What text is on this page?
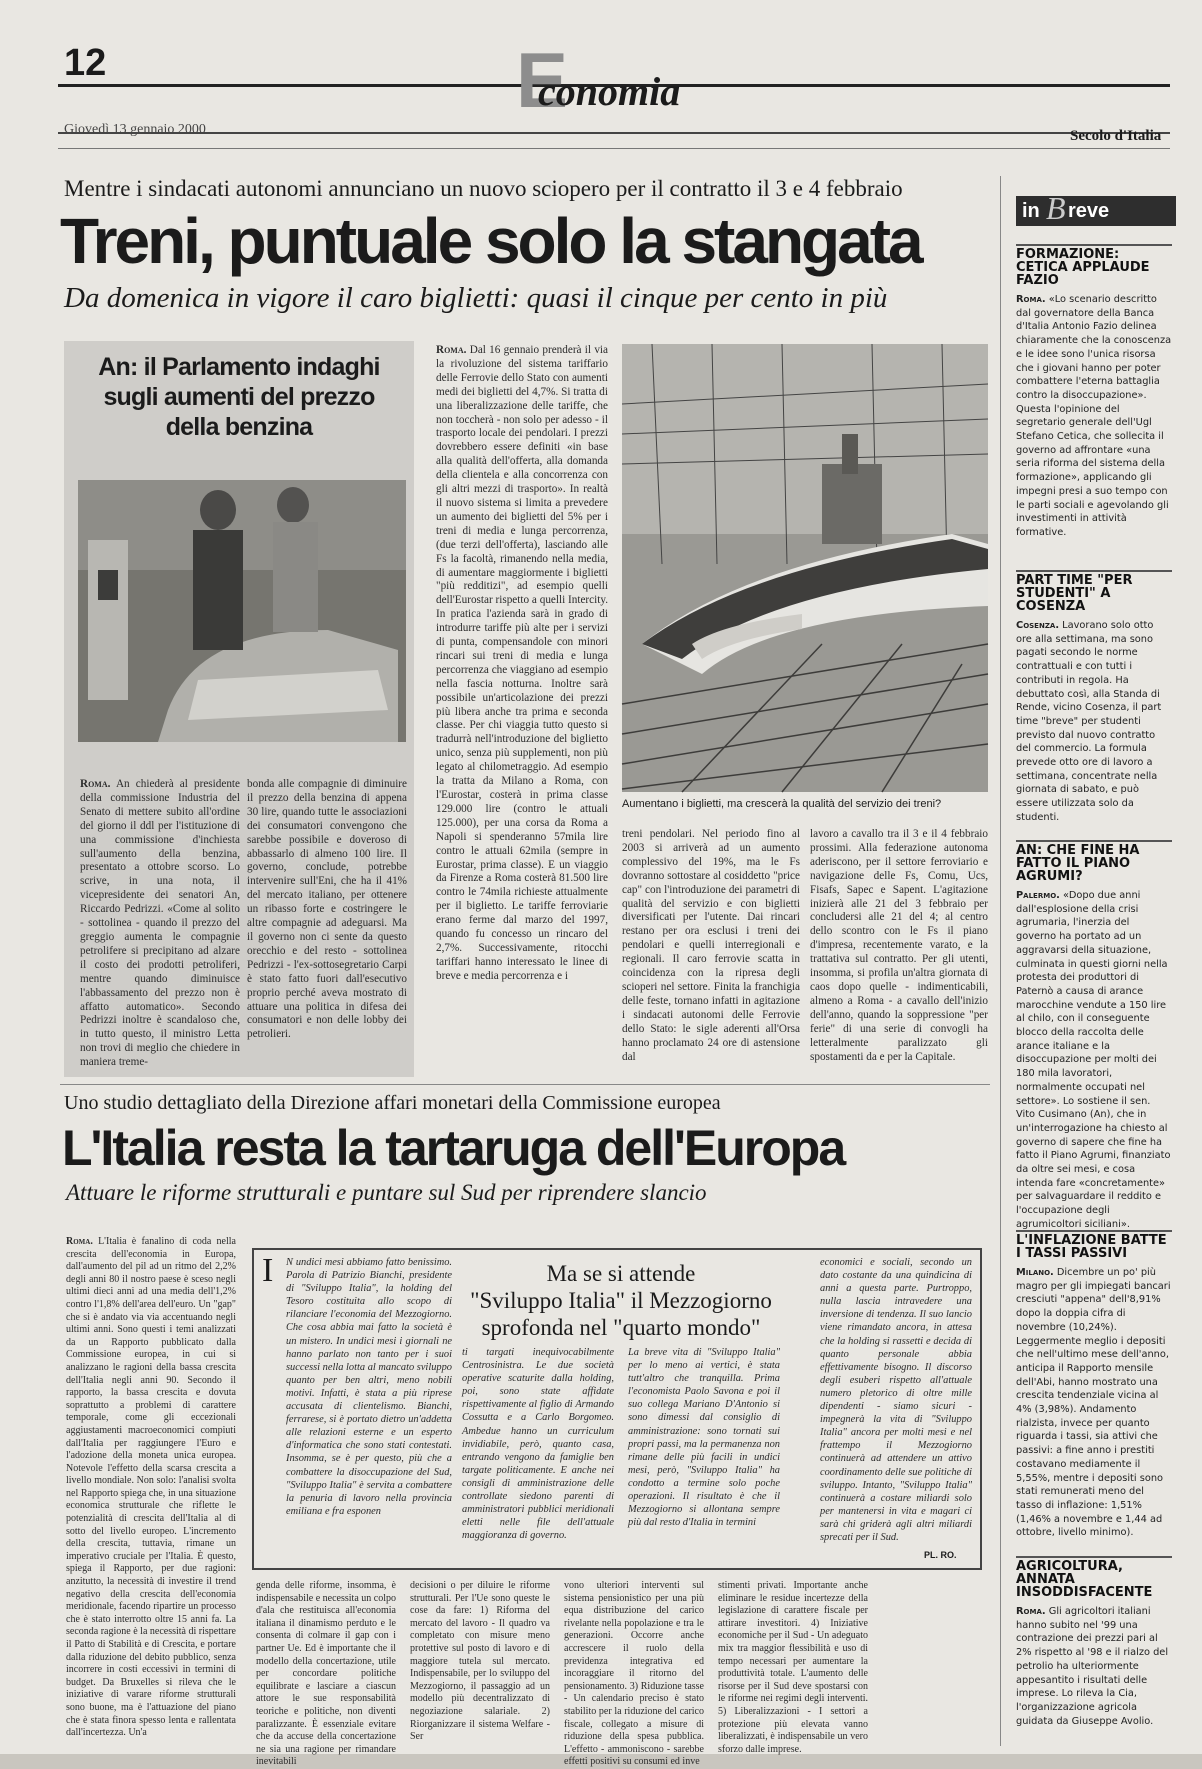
12	Economia
Giovedì 13 gennaio 2000	Secolo d'Italia
Mentre i sindacati autonomi annunciano un nuovo sciopero per il contratto il 3 e 4 febbraio
Treni, puntuale solo la stangata
Da domenica in vigore il caro biglietti: quasi il cinque per cento in più
An: il Parlamento indaghi sugli aumenti del prezzo della benzina

Roma. An chiederà al presidente della commissione Industria del Senato di mettere subito all'ordine del giorno il ddl per l'istituzione di una commissione d'inchiesta sull'aumento della benzina, presentato a ottobre scorso. Lo scrive, in una nota, il vicepresidente dei senatori An, Riccardo Pedrizzi. «Come al solito - sottolinea - quando il prezzo del greggio aumenta le compagnie petrolifere si precipitano ad alzare il costo dei prodotti petroliferi, mentre quando diminuisce l'abbassamento del prezzo non è affatto automatico». Secondo Pedrizzi inoltre è scandaloso che, in tutto questo, il ministro Letta non trovi di meglio che chiedere in maniera treme-

bonda alle compagnie di diminuire il prezzo della benzina di appena 30 lire, quando tutte le associazioni dei consumatori convengono che sarebbe possibile e doveroso di abbassarlo di almeno 100 lire. Il governo, conclude, potrebbe intervenire sull'Eni, che ha il 41% del mercato italiano, per ottenere un ribasso forte e costringere le altre compagnie ad adeguarsi. Ma il governo non ci sente da questo orecchio e del resto - sottolinea Pedrizzi - l'ex-sottosegretario Carpi è stato fatto fuori dall'esecutivo proprio perché aveva mostrato di attuare una politica in difesa dei consumatori e non delle lobby dei petrolieri.

Roma. Dal 16 gennaio prenderà il via la rivoluzione del sistema tariffario delle Ferrovie dello Stato con aumenti medi dei biglietti del 4,7%. Si tratta di una liberalizzazione delle tariffe, che non toccherà - non solo per adesso - il trasporto locale dei pendolari. I prezzi dovrebbero essere definiti «in base alla qualità dell'offerta, alla domanda della clientela e alla concorrenza con gli altri mezzi di trasporto». In realtà il nuovo sistema si limita a prevedere un aumento dei biglietti del 5% per i treni di media e lunga percorrenza, (due terzi dell'offerta), lasciando alle Fs la facoltà, rimanendo nella media, di aumentare maggiormente i biglietti "più redditizi", ad esempio quelli dell'Eurostar rispetto a quelli Intercity. In pratica l'azienda sarà in grado di introdurre tariffe più alte per i servizi di punta, compensandole con minori rincari sui treni di media e lunga percorrenza che viaggiano ad esempio nella fascia notturna. Inoltre sarà possibile un'articolazione dei prezzi più libera anche tra prima e seconda classe. Per chi viaggia tutto questo si tradurrà nell'introduzione del biglietto unico, senza più supplementi, non più legato al chilometraggio. Ad esempio la tratta da Milano a Roma, con l'Eurostar, costerà in prima classe 129.000 lire (contro le attuali 125.000), per una corsa da Roma a Napoli si spenderanno 57mila lire contro le attuali 62mila (sempre in Eurostar, prima classe). E un viaggio da Firenze a Roma costerà 81.500 lire contro le 74mila richieste attualmente per il biglietto. Le tariffe ferroviarie erano ferme dal marzo del 1997, quando fu concesso un rincaro del 2,7%. Successivamente, ritocchi tariffari hanno interessato le linee di breve e media percorrenza e i

Aumentano i biglietti, ma crescerà la qualità del servizio dei treni?

treni pendolari. Nel periodo fino al 2003 si arriverà ad un aumento complessivo del 19%, ma le Fs dovranno sottostare al cosiddetto "price cap" con l'introduzione dei parametri di qualità del servizio e con biglietti diversificati per l'utente. Dai rincari restano per ora esclusi i treni dei pendolari e quelli interregionali e regionali. Il caro ferrovie scatta in coincidenza con la ripresa degli scioperi nel settore. Finita la franchigia delle feste, tornano infatti in agitazione i sindacati autonomi delle Ferrovie dello Stato: le sigle aderenti all'Orsa hanno proclamato 24 ore di astensione dal

lavoro a cavallo tra il 3 e il 4 febbraio prossimi. Alla federazione autonoma aderiscono, per il settore ferroviario e navigazione delle Fs, Comu, Ucs, Fisafs, Sapec e Sapent. L'agitazione inizierà alle 21 del 3 febbraio per concludersi alle 21 del 4; al centro dello scontro con le Fs il piano d'impresa, recentemente varato, e la trattativa sul contratto. Per gli utenti, insomma, si profila un'altra giornata di caos dopo quelle - indimenticabili, almeno a Roma - a cavallo dell'inizio dell'anno, quando la soppressione "per ferie" di una serie di convogli ha letteralmente paralizzato gli spostamenti da e per la Capitale.

Uno studio dettagliato della Direzione affari monetari della Commissione europea
L'Italia resta la tartaruga dell'Europa
Attuare le riforme strutturali e puntare sul Sud per riprendere slancio

Roma. L'Italia è fanalino di coda nella crescita dell'economia in Europa, dall'aumento del pil ad un ritmo del 2,2% degli anni 80 il nostro paese è sceso negli ultimi dieci anni ad una media dell'1,2% contro l'1,8% dell'area dell'euro. Un "gap" che si è andato via via accentuando negli ultimi anni. Sono questi i temi analizzati da un Rapporto pubblicato dalla Commissione europea, in cui si analizzano le ragioni della bassa crescita dell'Italia negli anni 90. Secondo il rapporto, la bassa crescita e dovuta soprattutto a problemi di carattere temporale, come gli eccezionali aggiustamenti macroeconomici compiuti dall'Italia per raggiungere l'Euro e l'adozione della moneta unica europea. Notevole l'effetto della scarsa crescita a livello mondiale. Non solo: l'analisi svolta nel Rapporto spiega che, in una situazione economica strutturale che riflette le potenzialità di crescita dell'Italia al di sotto del livello europeo. L'incremento della crescita, tuttavia, rimane un imperativo cruciale per l'Italia. È questo, spiega il Rapporto, per due ragioni: anzitutto, la necessità di investire il trend negativo della crescita dell'economia meridionale, facendo ripartire un processo che è stato interrotto oltre 15 anni fa. La seconda ragione è la necessità di rispettare il Patto di Stabilità e di Crescita, e portare dalla riduzione del debito pubblico, senza incorrere in costi eccessivi in termini di budget. Da Bruxelles si rileva che le iniziative di varare riforme strutturali sono buone, ma è l'attuazione del piano che è stata finora spesso lenta e rallentata dall'incertezza. Un'a

I	Ma se si attende
"Sviluppo Italia" il Mezzogiorno
sprofonda nel "quarto mondo"

N undici mesi abbiamo fatto benissimo. Parola di Patrizio Bianchi, presidente di "Sviluppo Italia", la holding del Tesoro costituita allo scopo di rilanciare l'economia del Mezzogiorno. Che cosa abbia mai fatto la società è un mistero. In undici mesi i giornali ne hanno parlato non tanto per i suoi successi nella lotta al mancato sviluppo quanto per ben altri, meno nobili motivi. Infatti, è stata a più riprese accusata di clientelismo. Bianchi, ferrarese, si è portato dietro un'addetta alle relazioni esterne e un esperto d'informatica che sono stati contestati. Insomma, se è per questo, più che a combattere la disoccupazione del Sud, "Sviluppo Italia" è servita a combattere la penuria di lavoro nella provincia emiliana e fra esponen

ti targati inequivocabilmente Centrosinistra. Le due società operative scaturite dalla holding, poi, sono state affidate rispettivamente al figlio di Armando Cossutta e a Carlo Borgomeo. Ambedue hanno un curriculum invidiabile, però, quanto casa, entrando vengono da famiglie ben targate politicamente. E anche nei consigli di amministrazione delle controllate siedono parenti di amministratori pubblici meridionali eletti nelle file dell'attuale maggioranza di governo.

La breve vita di "Sviluppo Italia" per lo meno ai vertici, è stata tutt'altro che tranquilla. Prima l'economista Paolo Savona e poi il suo collega Mariano D'Antonio si sono dimessi dal consiglio di amministrazione: sono tornati sui propri passi, ma la permanenza non rimane delle più facili in undici mesi, però, "Sviluppo Italia" ha condotto a termine solo poche operazioni. Il risultato è che il Mezzogiorno si allontana sempre più dal resto d'Italia in termini

economici e sociali, secondo un dato costante da una quindicina di anni a questa parte. Purtroppo, nulla lascia intravedere una inversione di tendenza. Il suo lancio viene rimandato ancora, in attesa che la holding si rassetti e decida di quanto personale abbia effettivamente bisogno. Il discorso degli esuberi rispetto all'attuale numero pletorico di oltre mille dipendenti - siamo sicuri - impegnerà la vita di "Sviluppo Italia" ancora per molti mesi e nel frattempo il Mezzogiorno continuerà ad attendere un attivo coordinamento delle sue politiche di sviluppo. Intanto, "Sviluppo Italia" continuerà a costare miliardi solo per mantenersi in vita e magari ci sarà chi griderà agli altri miliardi sprecati per il Sud.

PL. RO.

genda delle riforme, insomma, è indispensabile e necessita un colpo d'ala che restituisca all'economia italiana il dinamismo perduto e le consenta di colmare il gap con i partner Ue. Ed è importante che il modello della concertazione, utile per concordare politiche equilibrate e lasciare a ciascun attore le sue responsabilità teoriche e politiche, non diventi paralizzante. È essenziale evitare che da accuse della concertazione ne sia una ragione per rimandare inevitabili

decisioni o per diluire le riforme strutturali. Per l'Ue sono queste le cose da fare: 1) Riforma del mercato del lavoro - Il quadro va completato con misure meno protettive sul posto di lavoro e di maggiore tutela sul mercato. Indispensabile, per lo sviluppo del Mezzogiorno, il passaggio ad un modello più decentralizzato di negoziazione salariale. 2) Riorganizzare il sistema Welfare - Ser

vono ulteriori interventi sul sistema pensionistico per una più equa distribuzione del carico rivelante nella popolazione e tra le generazioni. Occorre anche accrescere il ruolo della previdenza integrativa ed incoraggiare il ritorno del pensionamento. 3) Riduzione tasse - Un calendario preciso è stato stabilito per la riduzione del carico fiscale, collegato a misure di riduzione della spesa pubblica. L'effetto - ammoniscono - sarebbe effetti positivi su consumi ed inve

stimenti privati. Importante anche eliminare le residue incertezze della legislazione di carattere fiscale per attirare investitori. 4) Iniziative economiche per il Sud - Un adeguato mix tra maggior flessibilità e uso di tempo necessari per aumentare la produttività totale. L'aumento delle risorse per il Sud deve spostarsi con le riforme nei regimi degli interventi. 5) Liberalizzazioni - I settori a protezione più elevata vanno liberalizzati, è indispensabile un vero sforzo dalle imprese.

in B reve
FORMAZIONE: CETICA APPLAUDE FAZIO
Roma. «Lo scenario descritto dal governatore della Banca d'Italia Antonio Fazio delinea chiaramente che la conoscenza e le idee sono l'unica risorsa che i giovani hanno per poter combattere l'eterna battaglia contro la disoccupazione». Questa l'opinione del segretario generale dell'Ugl Stefano Cetica, che sollecita il governo ad affrontare «una seria riforma del sistema della formazione», applicando gli impegni presi a suo tempo con le parti sociali e agevolando gli investimenti in attività formative.
PART TIME "PER STUDENTI" A COSENZA
Cosenza. Lavorano solo otto ore alla settimana, ma sono pagati secondo le norme contrattuali e con tutti i contributi in regola. Ha debuttato così, alla Standa di Rende, vicino Cosenza, il part time "breve" per studenti previsto dal nuovo contratto del commercio. La formula prevede otto ore di lavoro a settimana, concentrate nella giornata di sabato, e può essere utilizzata solo da studenti.
AN: CHE FINE HA FATTO IL PIANO AGRUMI?
Palermo. «Dopo due anni dall'esplosione della crisi agrumaria, l'inerzia del governo ha portato ad un aggravarsi della situazione, culminata in questi giorni nella protesta dei produttori di Paternò a causa di arance marocchine vendute a 150 lire al chilo, con il conseguente blocco della raccolta delle arance italiane e la disoccupazione per molti dei 180 mila lavoratori, normalmente occupati nel settore». Lo sostiene il sen. Vito Cusimano (An), che in un'interrogazione ha chiesto al governo di sapere che fine ha fatto il Piano Agrumi, finanziato da oltre sei mesi, e cosa intenda fare «concretamente» per salvaguardare il reddito e l'occupazione degli agrumicoltori siciliani».
L'INFLAZIONE BATTE I TASSI PASSIVI
Milano. Dicembre un po' più magro per gli impiegati bancari cresciuti "appena" dell'8,91% dopo la doppia cifra di novembre (10,24%). Leggermente meglio i depositi che nell'ultimo mese dell'anno, anticipa il Rapporto mensile dell'Abi, hanno mostrato una crescita tendenziale vicina al 4% (3,98%). Andamento rialzista, invece per quanto riguarda i tassi, sia attivi che passivi: a fine anno i prestiti costavano mediamente il 5,55%, mentre i depositi sono stati remunerati meno del tasso di inflazione: 1,51% (1,46% a novembre e 1,44 ad ottobre, livello minimo).
AGRICOLTURA, ANNATA INSODDISFACENTE
Roma. Gli agricoltori italiani hanno subito nel '99 una contrazione dei prezzi pari al 2% rispetto al '98 e il rialzo del petrolio ha ulteriormente appesantito i risultati delle imprese. Lo rileva la Cia, l'organizzazione agricola guidata da Giuseppe Avolio.
